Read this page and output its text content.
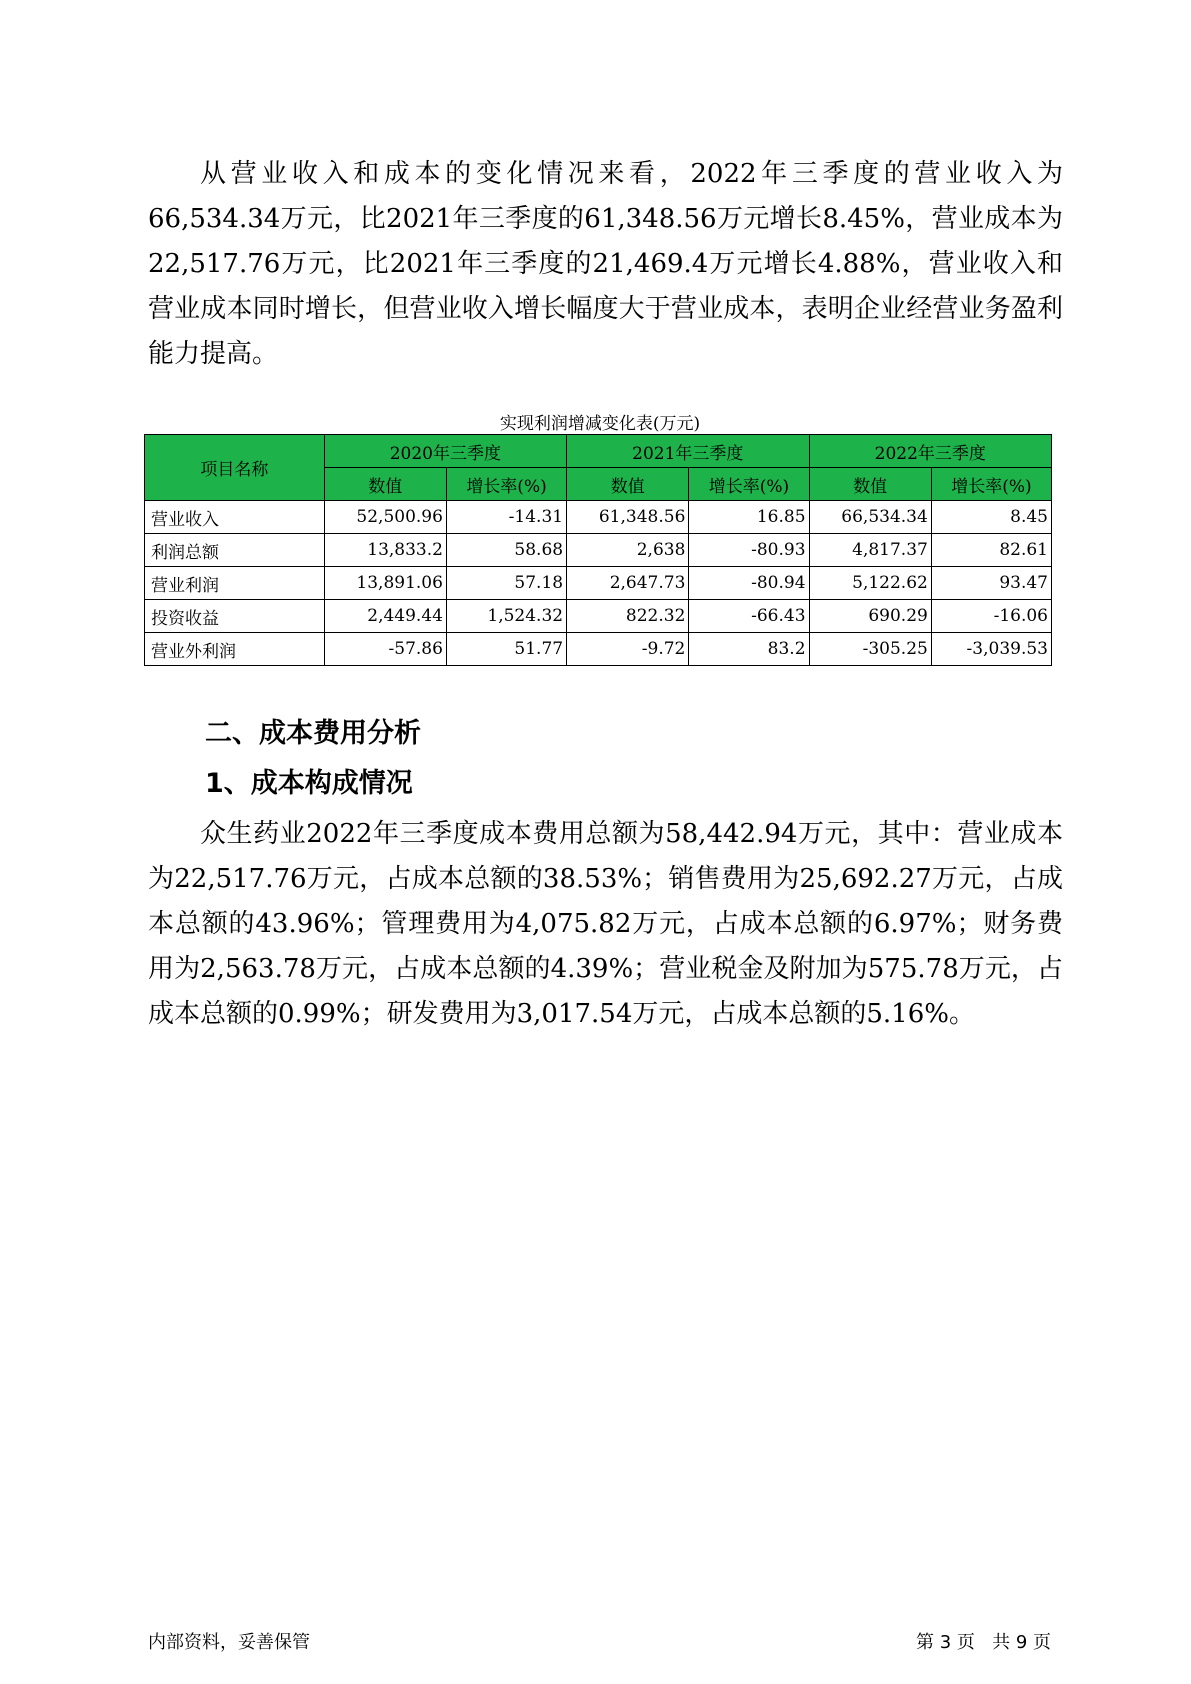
从营业收入和成本的变化情况来看，2022年三季度的营业收入为66,534.34万元，比2021年三季度的61,348.56万元增长8.45%，营业成本为22,517.76万元，比2021年三季度的21,469.4万元增长4.88%，营业收入和营业成本同时增长，但营业收入增长幅度大于营业成本，表明企业经营业务盈利能力提高。

实现利润增减变化表(万元)
项目名称	2020年三季度		2021年三季度		2022年三季度	
	数值	增长率(%)	数值	增长率(%)	数值	增长率(%)
营业收入	52,500.96	-14.31	61,348.56	16.85	66,534.34	8.45
利润总额	13,833.2	58.68	2,638	-80.93	4,817.37	82.61
营业利润	13,891.06	57.18	2,647.73	-80.94	5,122.62	93.47
投资收益	2,449.44	1,524.32	822.32	-66.43	690.29	-16.06
营业外利润	-57.86	51.77	-9.72	83.2	-305.25	-3,039.53
二、成本费用分析
1、成本构成情况

众生药业2022年三季度成本费用总额为58,442.94万元，其中：营业成本为22,517.76万元，占成本总额的38.53%；销售费用为25,692.27万元，占成本总额的43.96%；管理费用为4,075.82万元，占成本总额的6.97%；财务费用为2,563.78万元，占成本总额的4.39%；营业税金及附加为575.78万元，占成本总额的0.99%；研发费用为3,017.54万元，占成本总额的5.16%。

内部资料，妥善保管	第 3 页   共 9 页
